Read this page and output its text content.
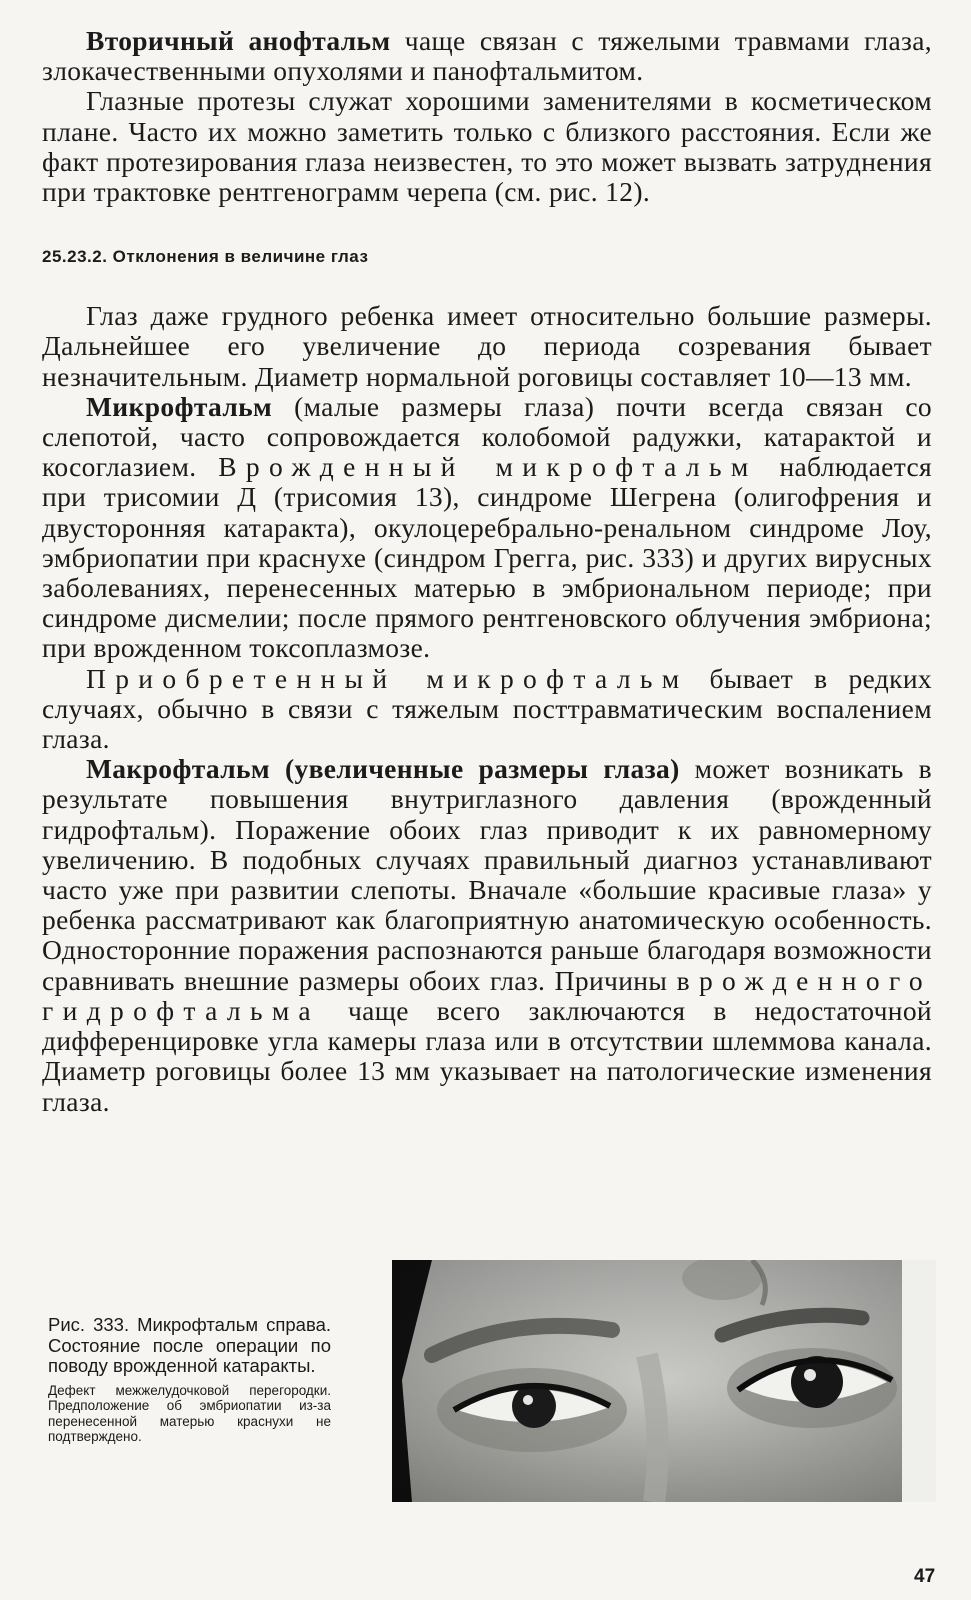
Вторичный анофтальм чаще связан с тяжелыми травмами глаза, злокачественными опухолями и панофтальмитом.

Глазные протезы служат хорошими заменителями в косметическом плане. Часто их можно заметить только с близкого расстояния. Если же факт протезирования глаза неизвестен, то это может вызвать затруднения при трактовке рентгенограмм черепа (см. рис. 12).

25.23.2. Отклонения в величине глаз

Глаз даже грудного ребенка имеет относительно большие размеры. Дальнейшее его увеличение до периода созревания бывает незначительным. Диаметр нормальной роговицы составляет 10—13 мм.

Микрофтальм (малые размеры глаза) почти всегда связан со слепотой, часто сопровождается колобомой радужки, катарактой и косоглазием. Врожденный микрофтальм наблюдается при трисомии Д (трисомия 13), синдроме Шегрена (олигофрения и двусторонняя катаракта), окулоцеребрально-ренальном синдроме Лоу, эмбриопатии при краснухе (синдром Грегга, рис. 333) и других вирусных заболеваниях, перенесенных матерью в эмбриональном периоде; при синдроме дисмелии; после прямого рентгеновского облучения эмбриона; при врожденном токсоплазмозе.

Приобретенный микрофтальм бывает в редких случаях, обычно в связи с тяжелым посттравматическим воспалением глаза.

Макрофтальм (увеличенные размеры глаза) может возникать в результате повышения внутриглазного давления (врожденный гидрофтальм). Поражение обоих глаз приводит к их равномерному увеличению. В подобных случаях правильный диагноз устанавливают часто уже при развитии слепоты. Вначале «большие красивые глаза» у ребенка рассматривают как благоприятную анатомическую особенность. Односторонние поражения распознаются раньше благодаря возможности сравнивать внешние размеры обоих глаз. Причины врожденного гидрофтальма чаще всего заключаются в недостаточной дифференцировке угла камеры глаза или в отсутствии шлеммова канала. Диаметр роговицы более 13 мм указывает на патологические изменения глаза.

Рис. 333. Микрофтальм справа. Состояние после операции по поводу врожденной катаракты.

Дефект межжелудочковой перегородки. Предположение об эмбриопатии из-за перенесенной матерью краснухи не подтверждено.

47
